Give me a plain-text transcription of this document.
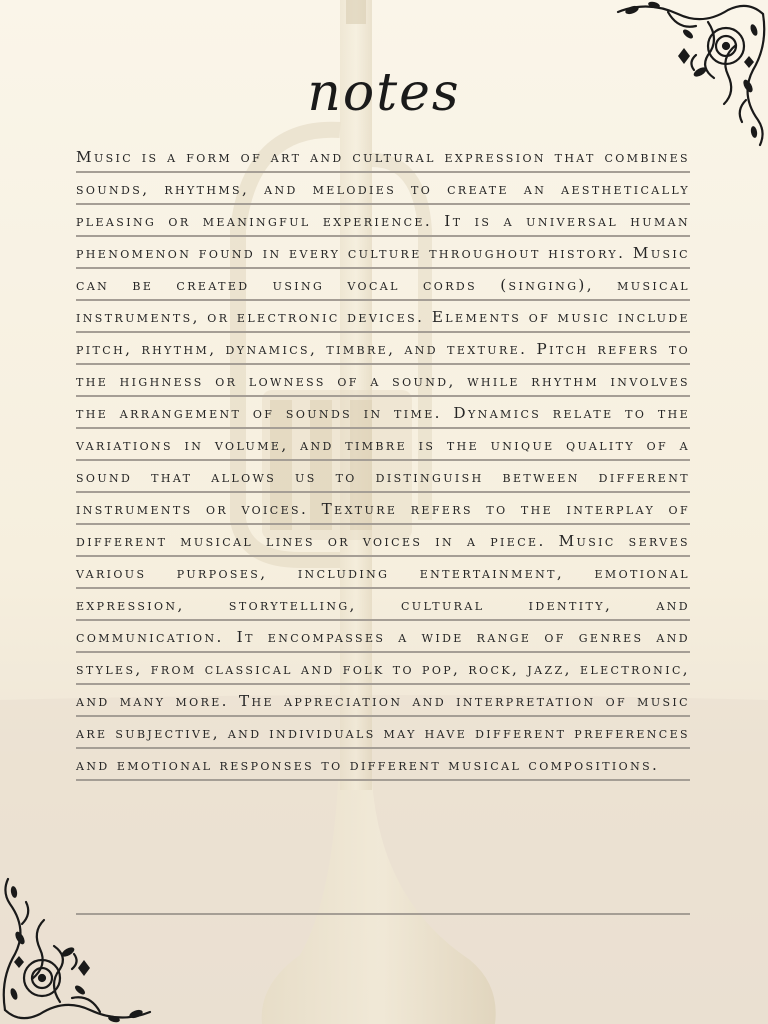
notes
Music is a form of art and cultural expression that combines sounds, rhythms, and melodies to create an aesthetically pleasing or meaningful experience. It is a universal human phenomenon found in every culture throughout history. Music can be created using vocal cords (singing), musical instruments, or electronic devices. Elements of music include pitch, rhythm, dynamics, timbre, and texture. Pitch refers to the highness or lowness of a sound, while rhythm involves the arrangement of sounds in time. Dynamics relate to the variations in volume, and timbre is the unique quality of a sound that allows us to distinguish between different instruments or voices. Texture refers to the interplay of different musical lines or voices in a piece. Music serves various purposes, including entertainment, emotional expression, storytelling, cultural identity, and communication. It encompasses a wide range of genres and styles, from classical and folk to pop, rock, jazz, electronic, and many more. The appreciation and interpretation of music are subjective, and individuals may have different preferences and emotional responses to different musical compositions.
